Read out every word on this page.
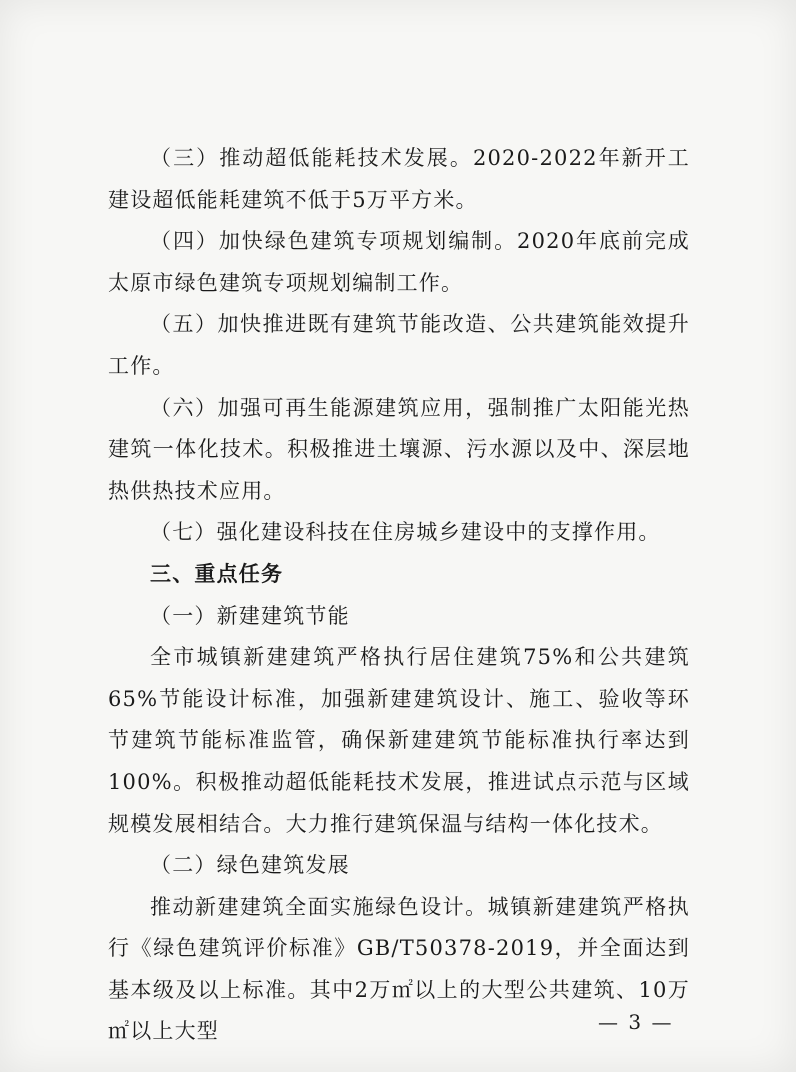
（三）推动超低能耗技术发展。2020-2022年新开工建设超低能耗建筑不低于5万平方米。

（四）加快绿色建筑专项规划编制。2020年底前完成太原市绿色建筑专项规划编制工作。

（五）加快推进既有建筑节能改造、公共建筑能效提升工作。

（六）加强可再生能源建筑应用，强制推广太阳能光热建筑一体化技术。积极推进土壤源、污水源以及中、深层地热供热技术应用。

（七）强化建设科技在住房城乡建设中的支撑作用。

三、重点任务

（一）新建建筑节能

全市城镇新建建筑严格执行居住建筑75%和公共建筑65%节能设计标准，加强新建建筑设计、施工、验收等环节建筑节能标准监管，确保新建建筑节能标准执行率达到100%。积极推动超低能耗技术发展，推进试点示范与区域规模发展相结合。大力推行建筑保温与结构一体化技术。

（二）绿色建筑发展

推动新建建筑全面实施绿色设计。城镇新建建筑严格执行《绿色建筑评价标准》GB/T50378-2019，并全面达到基本级及以上标准。其中2万㎡以上的大型公共建筑、10万㎡以上大型	— 3 —
